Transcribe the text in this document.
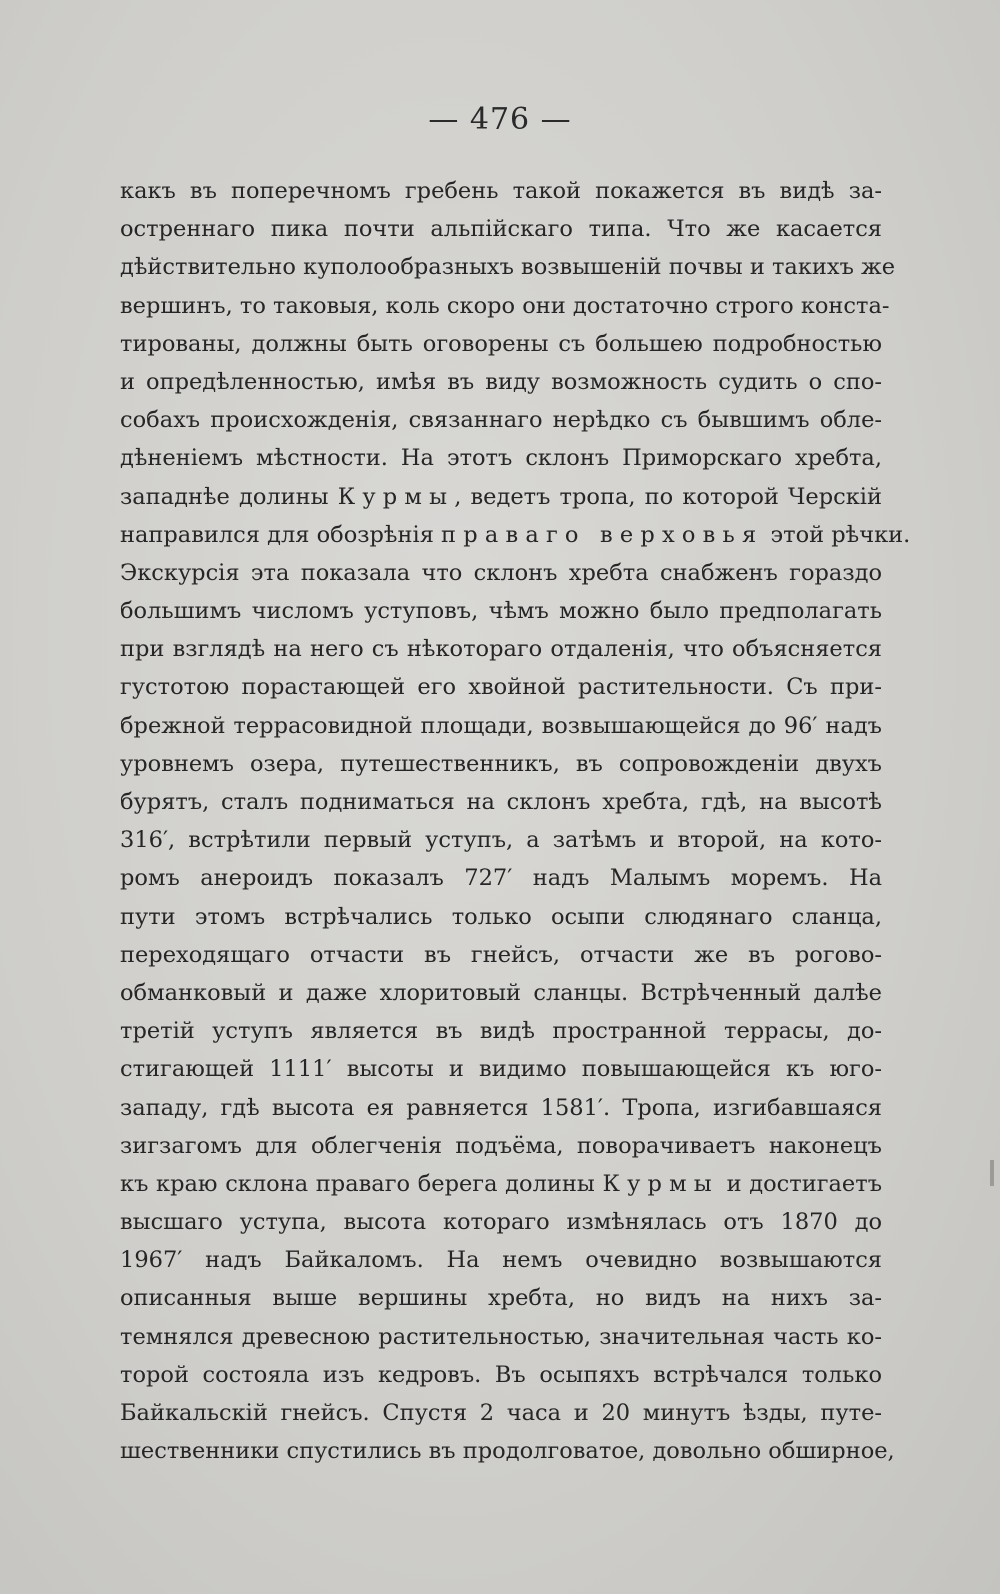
— 476 —
какъ въ поперечномъ гребень такой покажется въ видѣ за-
остреннаго пика почти альпійскаго типа. Что же касается
дѣйствительно куполообразныхъ возвышеній почвы и такихъ же
вершинъ, то таковыя, коль скоро они достаточно строго конста-
тированы, должны быть оговорены съ большею подробностью
и опредѣленностью, имѣя въ виду возможность судить о спо-
собахъ происхожденія, связаннаго нерѣдко съ бывшимъ обле-
дѣненіемъ мѣстности. На этотъ склонъ Приморскаго хребта,
западнѣе долины Курмы, ведетъ тропа, по которой Черскій
направился для обозрѣнія праваго верховья этой рѣчки.
Экскурсія эта показала что склонъ хребта снабженъ гораздо
большимъ числомъ уступовъ, чѣмъ можно было предполагать
при взглядѣ на него съ нѣкотораго отдаленія, что объясняется
густотою порастающей его хвойной растительности. Съ при-
брежной террасовидной площади, возвышающейся до 96′ надъ
уровнемъ озера, путешественникъ, въ сопровожденіи двухъ
бурятъ, сталъ подниматься на склонъ хребта, гдѣ, на высотѣ
316′, встрѣтили первый уступъ, а затѣмъ и второй, на кото-
ромъ анероидъ показалъ 727′ надъ Малымъ моремъ. На
пути этомъ встрѣчались только осыпи слюдянаго сланца,
переходящаго отчасти въ гнейсъ, отчасти же въ рогово-
обманковый и даже хлоритовый сланцы. Встрѣченный далѣе
третій уступъ является въ видѣ пространной террасы, до-
стигающей 1111′ высоты и видимо повышающейся къ юго-
западу, гдѣ высота ея равняется 1581′. Тропа, изгибавшаяся
зигзагомъ для облегченія подъёма, поворачиваетъ наконецъ
къ краю склона праваго берега долины Курмы и достигаетъ
высшаго уступа, высота котораго измѣнялась отъ 1870 до
1967′ надъ Байкаломъ. На немъ очевидно возвышаются
описанныя выше вершины хребта, но видъ на нихъ за-
темнялся древесною растительностью, значительная часть ко-
торой состояла изъ кедровъ. Въ осыпяхъ встрѣчался только
Байкальскій гнейсъ. Спустя 2 часа и 20 минутъ ѣзды, путе-
шественники спустились въ продолговатое, довольно обширное,
